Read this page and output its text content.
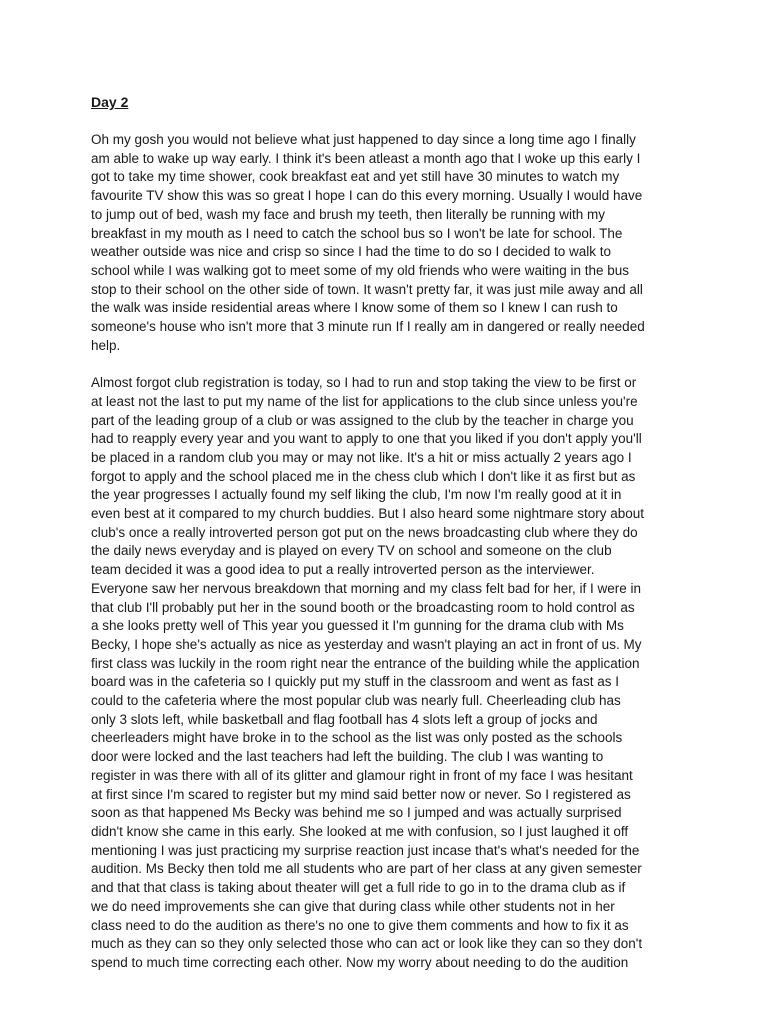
Day 2
Oh my gosh you would not believe what just happened to day since a long time ago I finally
am able to wake up way early. I think it's been atleast a month ago that I woke up this early I
got to take my time shower, cook breakfast eat and yet still have 30 minutes to watch my
favourite TV show this was so great I hope I can do this every morning. Usually I would have
to jump out of bed, wash my face and brush my teeth, then literally be running with my
breakfast in my mouth as I need to catch the school bus so I won't be late for school. The
weather outside was nice and crisp so since I had the time to do so I decided to walk to
school while I was walking got to meet some of my old friends who were waiting in the bus
stop to their school on the other side of town. It wasn't pretty far, it was just mile away and all
the walk was inside residential areas where I know some of them so I knew I can rush to
someone's house who isn't more that 3 minute run If I really am in dangered or really needed
help.
Almost forgot club registration is today, so I had to run and stop taking the view to be first or
at least not the last to put my name of the list for applications to the club since unless you're
part of the leading group of a club or was assigned to the club by the teacher in charge you
had to reapply every year and you want to apply to one that you liked if you don't apply you'll
be placed in a random club you may or may not like. It's a hit or miss actually 2 years ago I
forgot to apply and the school placed me in the chess club which I don't like it as first but as
the year progresses I actually found my self liking the club, I'm now I'm really good at it in
even best at it compared to my church buddies. But I also heard some nightmare story about
club's once a really introverted person got put on the news broadcasting club where they do
the daily news everyday and is played on every TV on school and someone on the club
team decided it was a good idea to put a really introverted person as the interviewer.
Everyone saw her nervous breakdown that morning and my class felt bad for her, if I were in
that club I'll probably put her in the sound booth or the broadcasting room to hold control as
a she looks pretty well of This year you guessed it I'm gunning for the drama club with Ms
Becky, I hope she's actually as nice as yesterday and wasn't playing an act in front of us. My
first class was luckily in the room right near the entrance of the building while the application
board was in the cafeteria so I quickly put my stuff in the classroom and went as fast as I
could to the cafeteria where the most popular club was nearly full. Cheerleading club has
only 3 slots left, while basketball and flag football has 4 slots left a group of jocks and
cheerleaders might have broke in to the school as the list was only posted as the schools
door were locked and the last teachers had left the building. The club I was wanting to
register in was there with all of its glitter and glamour right in front of my face I was hesitant
at first since I'm scared to register but my mind said better now or never. So I registered as
soon as that happened Ms Becky was behind me so I jumped and was actually surprised
didn't know she came in this early. She looked at me with confusion, so I just laughed it off
mentioning I was just practicing my surprise reaction just incase that's what's needed for the
audition. Ms Becky then told me all students who are part of her class at any given semester
and that that class is taking about theater will get a full ride to go in to the drama club as if
we do need improvements she can give that during class while other students not in her
class need to do the audition as there's no one to give them comments and how to fix it as
much as they can so they only selected those who can act or look like they can so they don't
spend to much time correcting each other. Now my worry about needing to do the audition
